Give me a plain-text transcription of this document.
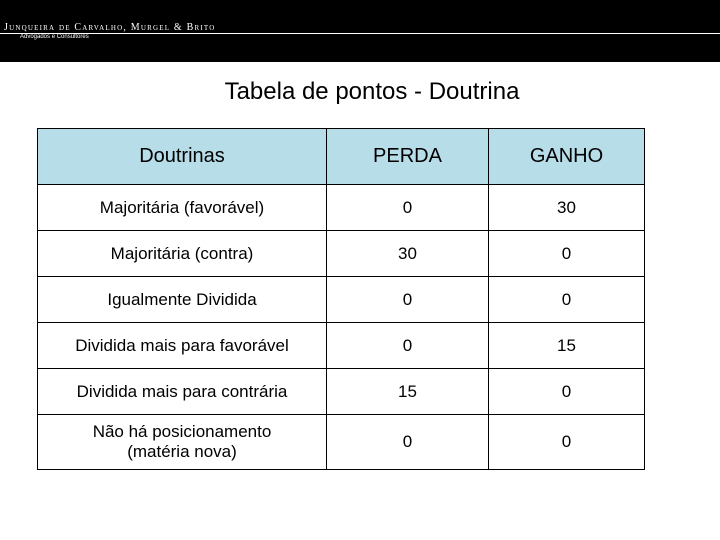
Junqueira de Carvalho, Murgel & Brito
Advogados e Consultores
Tabela de pontos - Doutrina
Doutrinas	PERDA	GANHO
Majoritária (favorável)	0	30
Majoritária (contra)	30	0
Igualmente Dividida	0	0
Dividida mais para favorável	0	15
Dividida mais para contrária	15	0
Não há posicionamento
(matéria nova)	0	0
